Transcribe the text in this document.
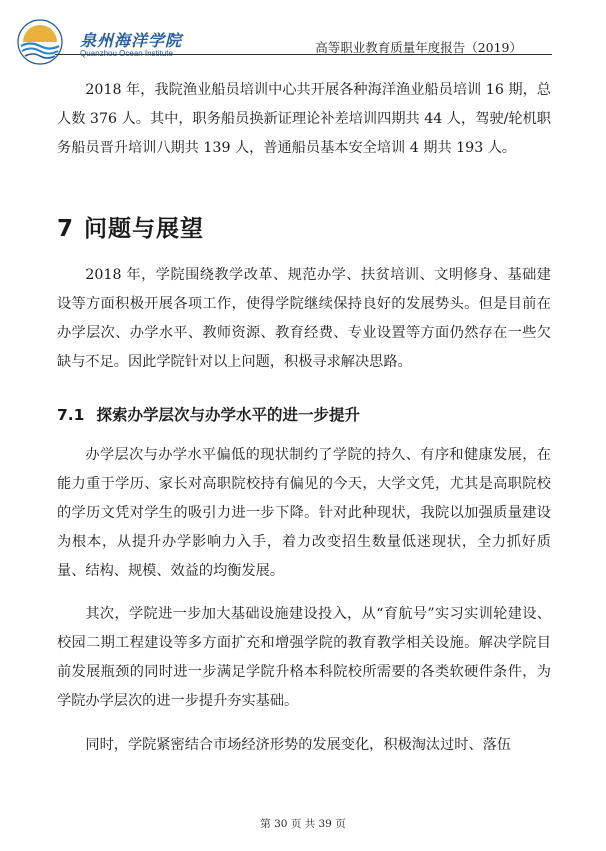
泉州海洋学院
Quanzhou Ocean Institute	高等职业教育质量年度报告（2019）

2018 年，我院渔业船员培训中心共开展各种海洋渔业船员培训 16 期，总人数 376 人。其中，职务船员换新证理论补差培训四期共 44 人，驾驶/轮机职务船员晋升培训八期共 139 人，普通船员基本安全培训 4 期共 193 人。

7 问题与展望

2018 年，学院围绕教学改革、规范办学、扶贫培训、文明修身、基础建设等方面积极开展各项工作，使得学院继续保持良好的发展势头。但是目前在办学层次、办学水平、教师资源、教育经费、专业设置等方面仍然存在一些欠缺与不足。因此学院针对以上问题，积极寻求解决思路。

7.1 探索办学层次与办学水平的进一步提升

办学层次与办学水平偏低的现状制约了学院的持久、有序和健康发展，在能力重于学历、家长对高职院校持有偏见的今天，大学文凭，尤其是高职院校的学历文凭对学生的吸引力进一步下降。针对此种现状，我院以加强质量建设为根本，从提升办学影响力入手，着力改变招生数量低迷现状，全力抓好质量、结构、规模、效益的均衡发展。

其次，学院进一步加大基础设施建设投入，从“育航号”实习实训轮建设、校园二期工程建设等多方面扩充和增强学院的教育教学相关设施。解决学院目前发展瓶颈的同时进一步满足学院升格本科院校所需要的各类软硬件条件，为学院办学层次的进一步提升夯实基础。

同时，学院紧密结合市场经济形势的发展变化，积极淘汰过时、落伍

第 30 页 共 39 页
